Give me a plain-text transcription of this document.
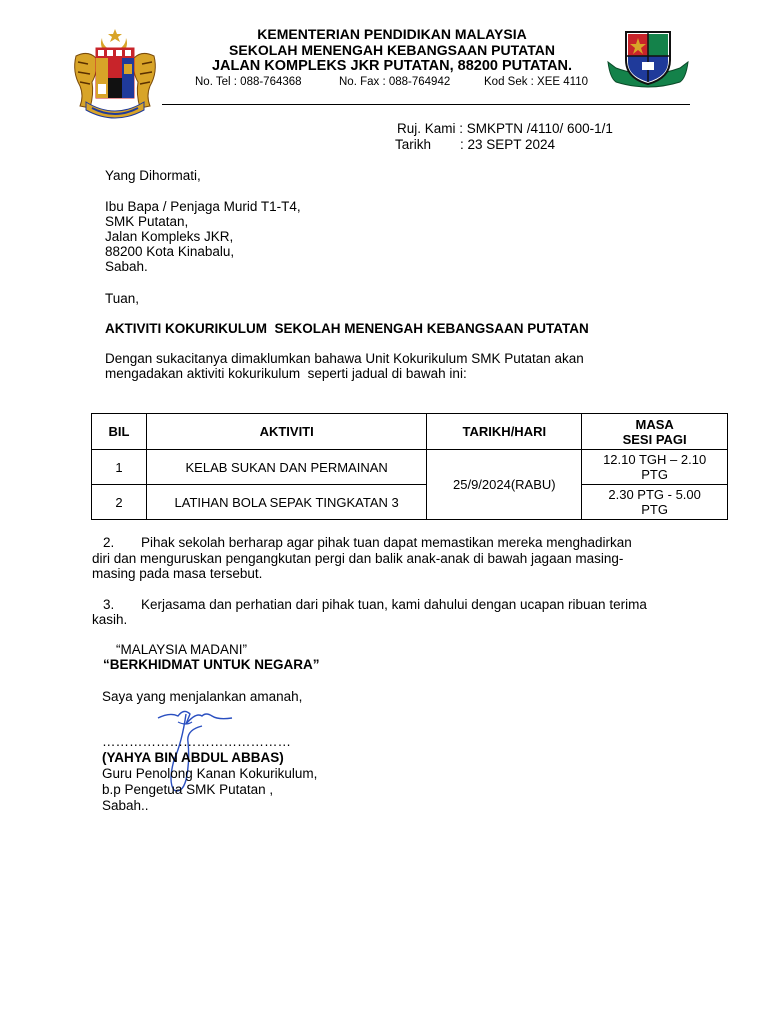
KEMENTERIAN PENDIDIKAN MALAYSIA
SEKOLAH MENENGAH KEBANGSAAN PUTATAN
JALAN KOMPLEKS JKR PUTATAN, 88200 PUTATAN.
No. Tel : 088-764368	No. Fax : 088-764942	Kod Sek : XEE 4110
Ruj. Kami : SMKPTN /4110/ 600-1/1
Tarikh : 23 SEPT 2024
Yang Dihormati,
Ibu Bapa / Penjaga Murid T1-T4,
SMK Putatan,
Jalan Kompleks JKR,
88200 Kota Kinabalu,
Sabah.
Tuan,
AKTIVITI KOKURIKULUM  SEKOLAH MENENGAH KEBANGSAAN PUTATAN
Dengan sukacitanya dimaklumkan bahawa Unit Kokurikulum SMK Putatan akan
mengadakan aktiviti kokurikulum  seperti jadual di bawah ini:
BIL	AKTIVITI	TARIKH/HARI	MASA
SESI PAGI

1	KELAB SUKAN DAN PERMAINAN	25/9/2024(RABU)	12.10 TGH – 2.10
PTG

2	LATIHAN BOLA SEPAK TINGKATAN 3		2.30 PTG - 5.00
PTG
2. Pihak sekolah berharap agar pihak tuan dapat memastikan mereka menghadirkan
diri dan menguruskan pengangkutan pergi dan balik anak-anak di bawah jagaan masing-
masing pada masa tersebut.
3. Kerjasama dan perhatian dari pihak tuan, kami dahului dengan ucapan ribuan terima
kasih.
“MALAYSIA MADANI”
“BERKHIDMAT UNTUK NEGARA”
Saya yang menjalankan amanah,
……………………………………
(YAHYA BIN ABDUL ABBAS)
Guru Penolong Kanan Kokurikulum,
b.p Pengetua SMK Putatan ,
Sabah..
